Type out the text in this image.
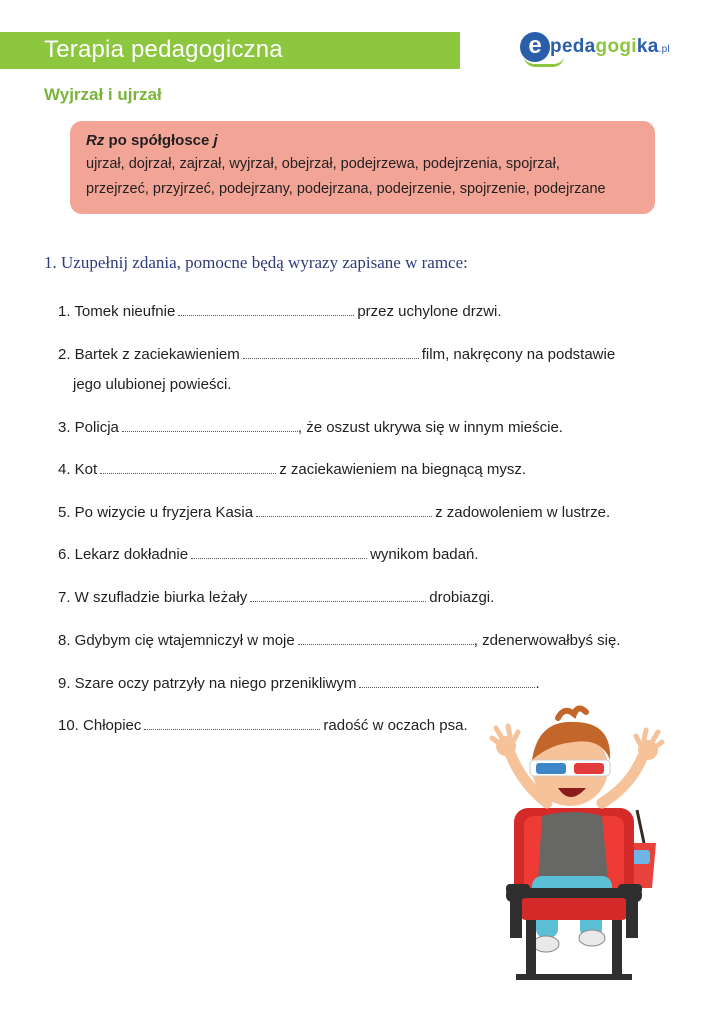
Terapia pedagogiczna	e pedagogika.pl
Wyjrzał i ujrzał
Rz po spółgłosce j
ujrzał, dojrzał, zajrzał, wyjrzał, obejrzał, podejrzewa, podejrzenia, spojrzał,
przejrzeć, przyjrzeć, podejrzany, podejrzana, podejrzenie, spojrzenie, podejrzane
1. Uzupełnij zdania, pomocne będą wyrazy zapisane w ramce:
1. Tomek nieufnie	przez uchylone drzwi.
2. Bartek z zaciekawieniem	film, nakręcony na podstawie
jego ulubionej powieści.
3. Policja	, że oszust ukrywa się w innym mieście.
4. Kot	z zaciekawieniem na biegnącą mysz.
5. Po wizycie u fryzjera Kasia	z zadowoleniem w lustrze.
6. Lekarz dokładnie	wynikom badań.
7. W szufladzie biurka leżały	drobiazgi.
8. Gdybym cię wtajemniczył w moje	, zdenerwowałbyś się.
9. Szare oczy patrzyły na niego przenikliwym	.
10. Chłopiec	radość w oczach psa.
